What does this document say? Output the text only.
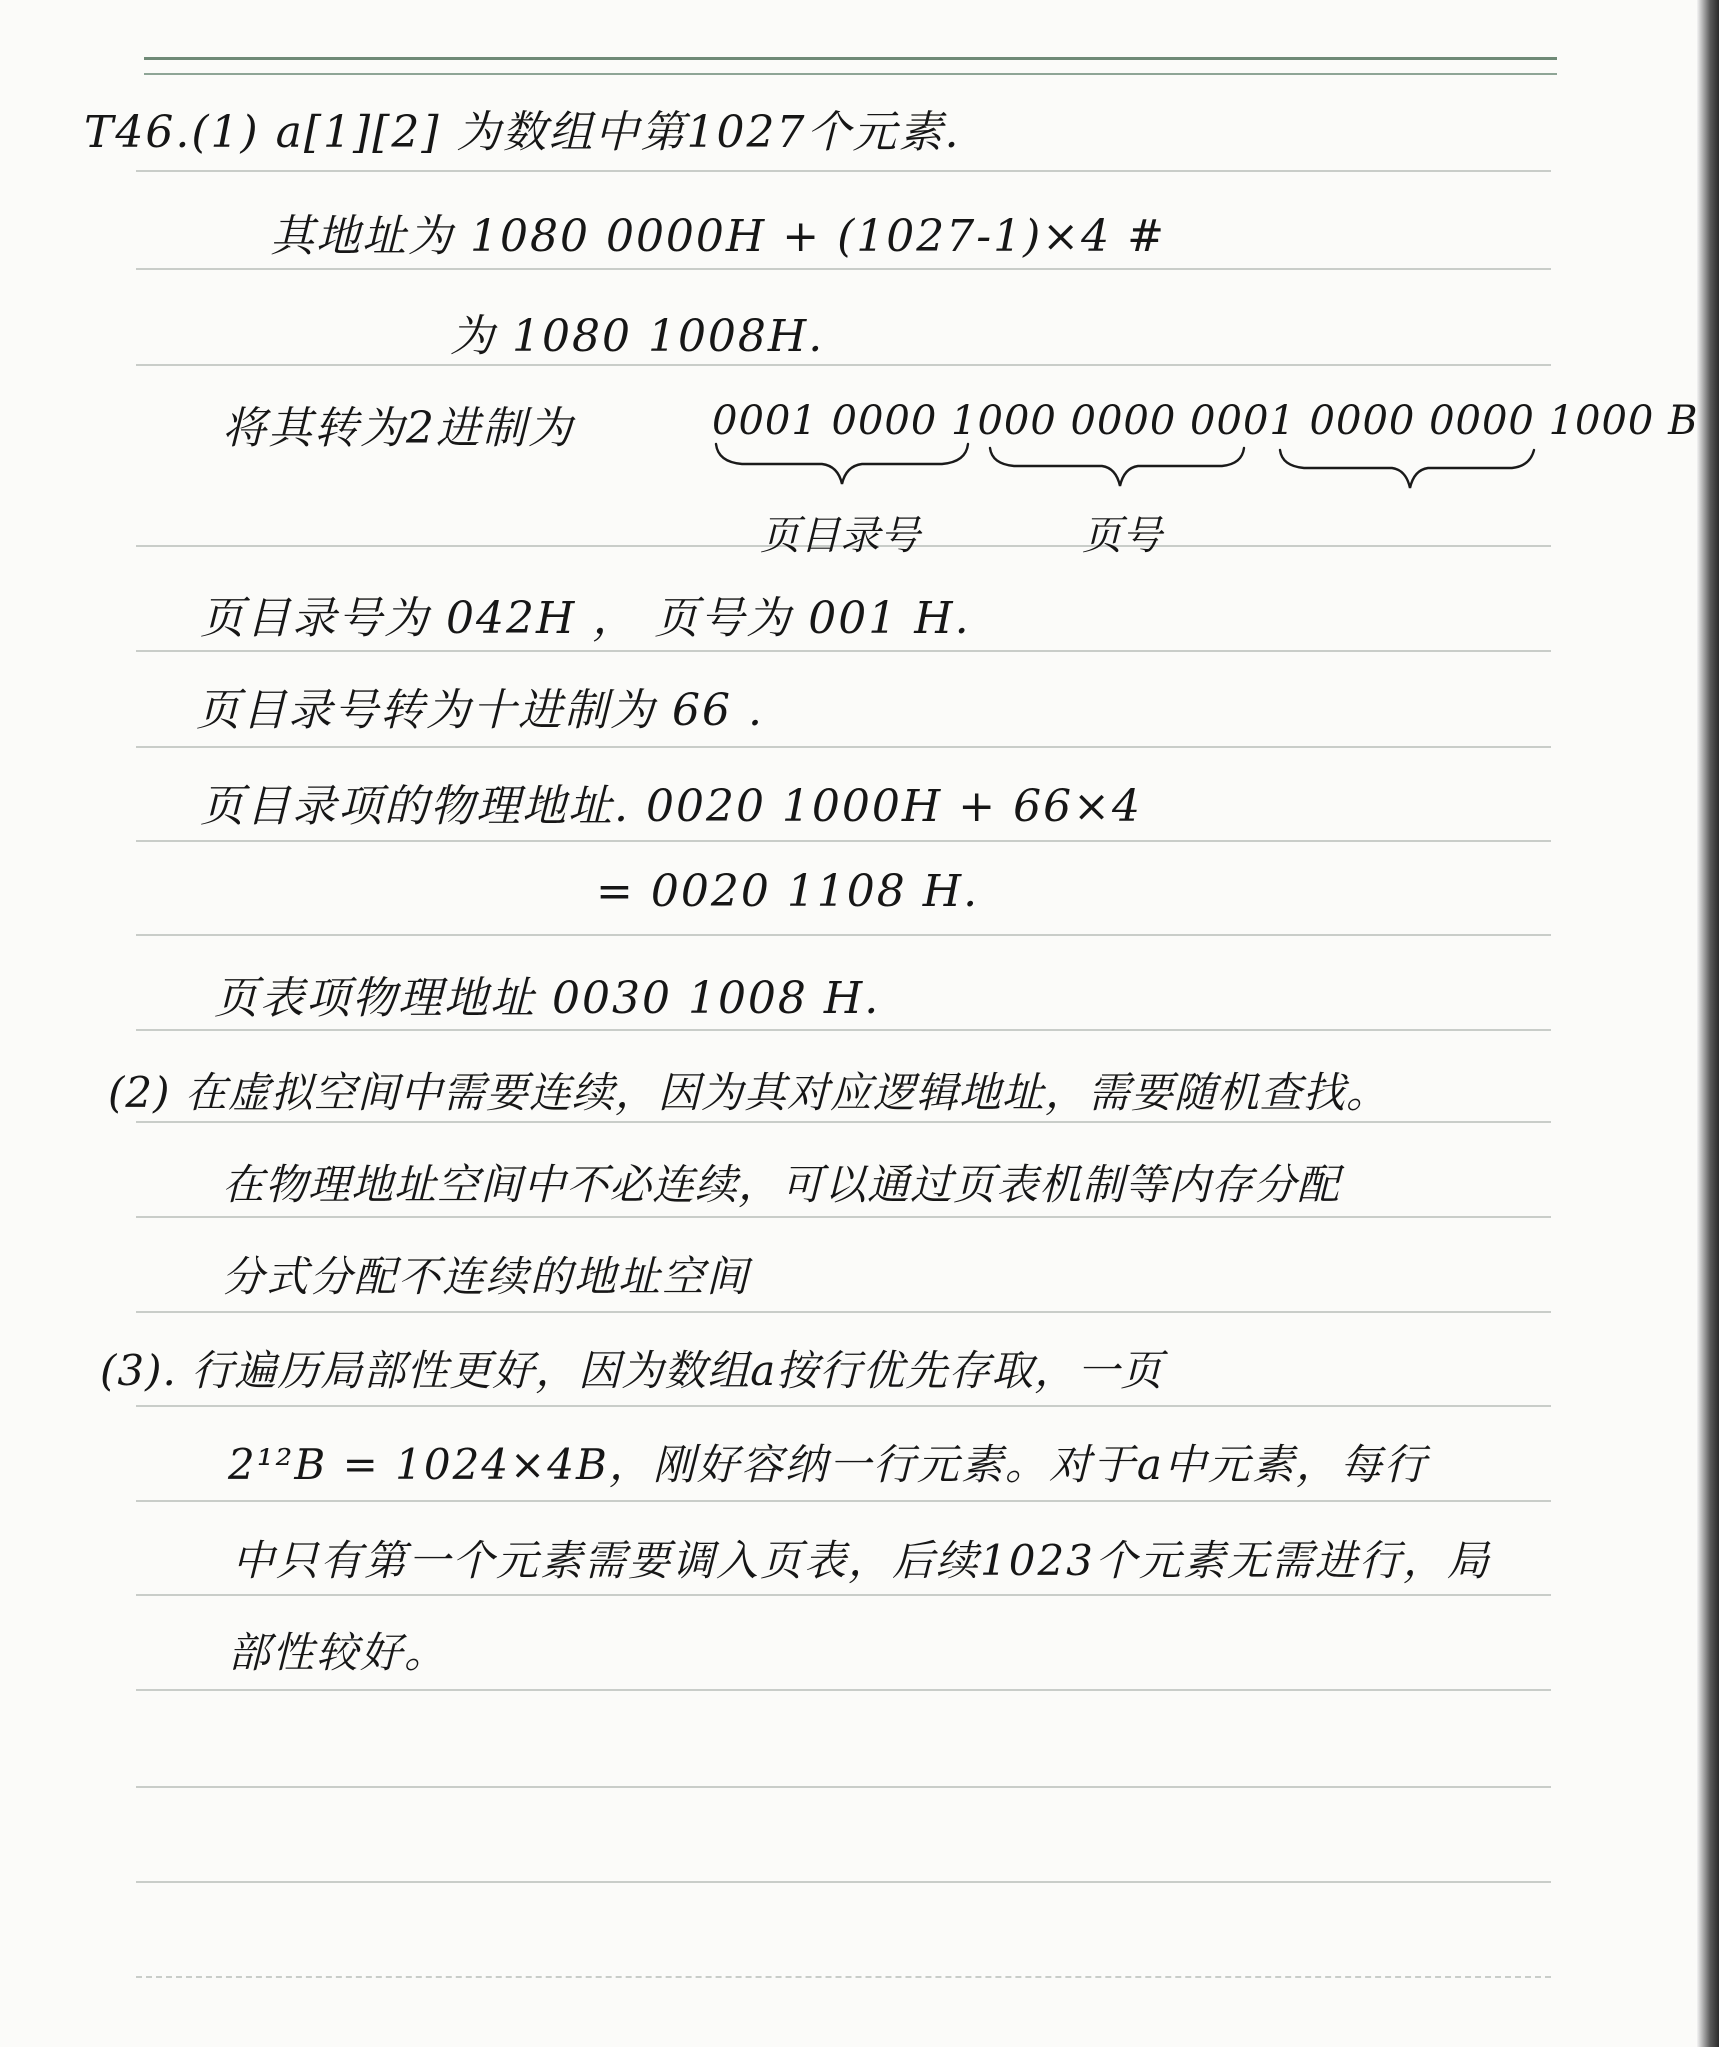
T46.(1) a[1][2] 为数组中第1027个元素.
其地址为 1080 0000H + (1027-1)×4 #
为 1080 1008H.
将其转为2进制为	0001 0000 1000 0000 0001 0000 0000 1000 B
页目录号	页号
页目录号为 042H ， 页号为 001 H.
页目录号转为十进制为 66 .
页目录项的物理地址. 0020 1000H + 66×4
= 0020 1108 H.
页表项物理地址 0030 1008 H.
(2) 在虚拟空间中需要连续，因为其对应逻辑地址，需要随机查找。
在物理地址空间中不必连续，可以通过页表机制等内存分配
分式分配不连续的地址空间
(3). 行遍历局部性更好，因为数组a按行优先存取，一页
2¹²B = 1024×4B，刚好容纳一行元素。对于a中元素，每行
中只有第一个元素需要调入页表，后续1023个元素无需进行，局
部性较好。
